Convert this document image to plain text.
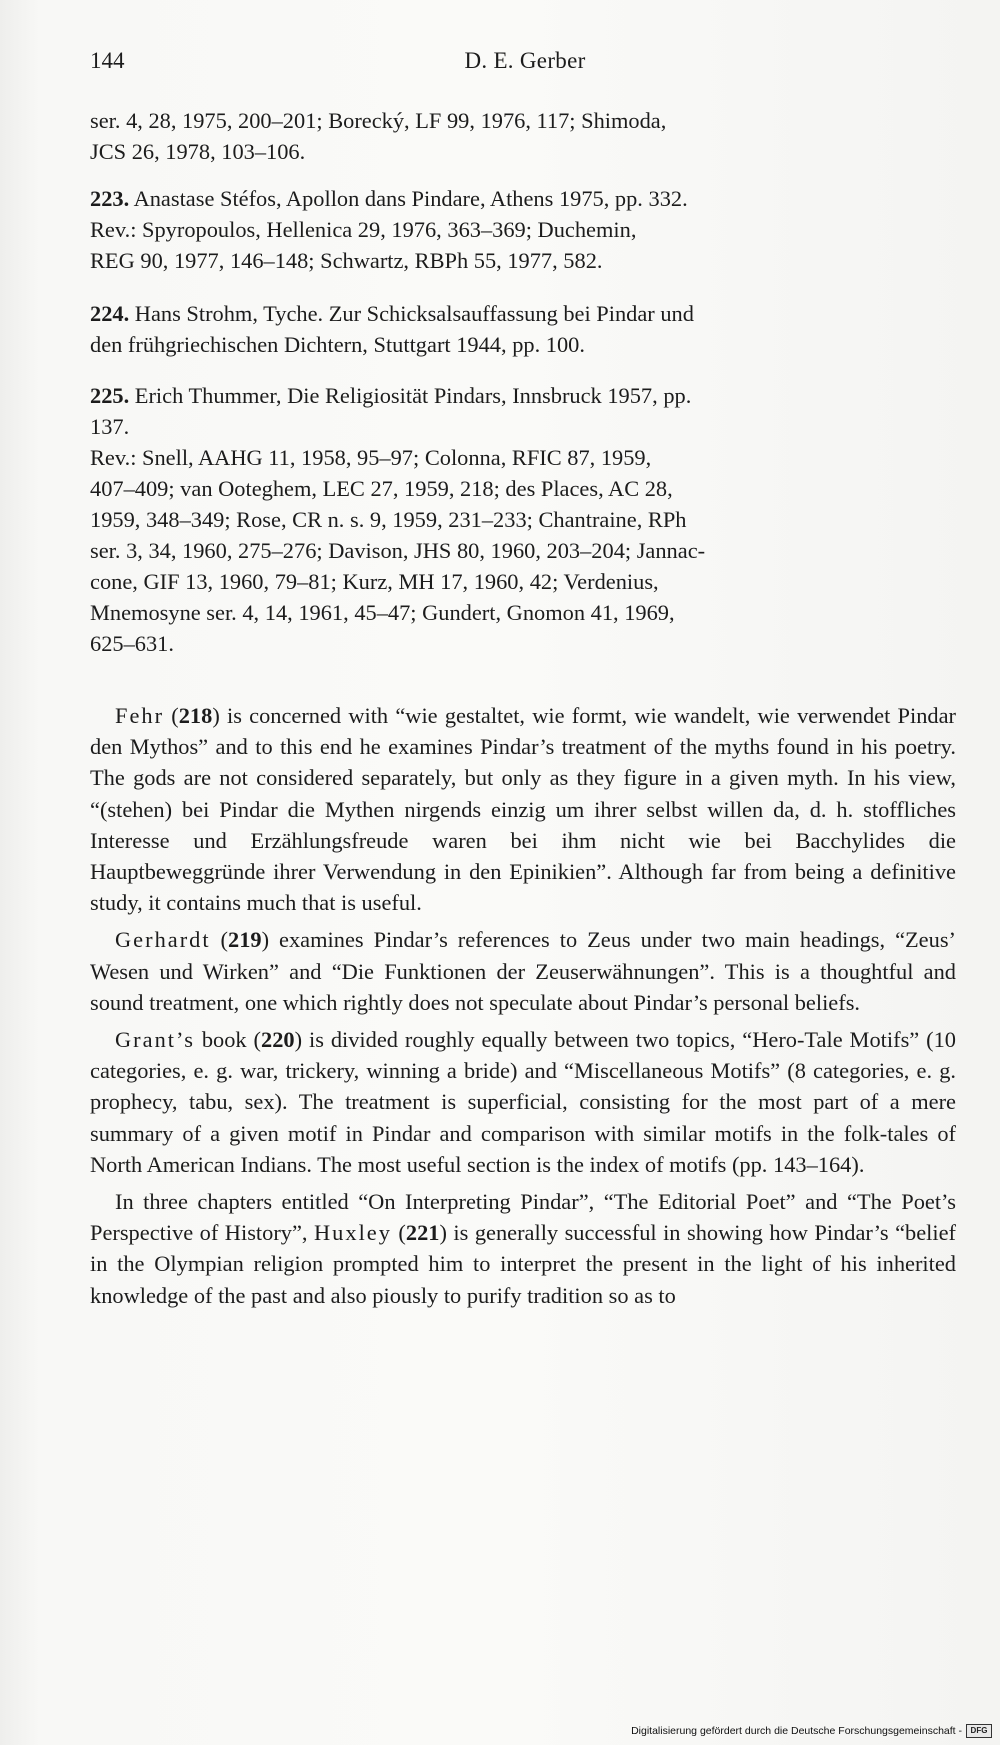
144	D. E. Gerber

ser. 4, 28, 1975, 200–201; Borecký, LF 99, 1976, 117; Shimoda,
JCS 26, 1978, 103–106.

223. Anastase Stéfos, Apollon dans Pindare, Athens 1975, pp. 332.
Rev.: Spyropoulos, Hellenica 29, 1976, 363–369; Duchemin,
REG 90, 1977, 146–148; Schwartz, RBPh 55, 1977, 582.

224. Hans Strohm, Tyche. Zur Schicksalsauffassung bei Pindar und
den frühgriechischen Dichtern, Stuttgart 1944, pp. 100.

225. Erich Thummer, Die Religiosität Pindars, Innsbruck 1957, pp.
137.
Rev.: Snell, AAHG 11, 1958, 95–97; Colonna, RFIC 87, 1959,
407–409; van Ooteghem, LEC 27, 1959, 218; des Places, AC 28,
1959, 348–349; Rose, CR n. s. 9, 1959, 231–233; Chantraine, RPh
ser. 3, 34, 1960, 275–276; Davison, JHS 80, 1960, 203–204; Jannac-
cone, GIF 13, 1960, 79–81; Kurz, MH 17, 1960, 42; Verdenius,
Mnemosyne ser. 4, 14, 1961, 45–47; Gundert, Gnomon 41, 1969,
625–631.

Fehr (218) is concerned with “wie gestaltet, wie formt, wie wandelt, wie verwendet Pindar den Mythos” and to this end he examines Pindar’s treatment of the myths found in his poetry. The gods are not considered separately, but only as they figure in a given myth. In his view, “(stehen) bei Pindar die Mythen nirgends einzig um ihrer selbst willen da, d. h. stoffliches Interesse und Erzählungsfreude waren bei ihm nicht wie bei Bacchylides die Hauptbeweggründe ihrer Verwendung in den Epinikien”. Although far from being a definitive study, it contains much that is useful.

Gerhardt (219) examines Pindar’s references to Zeus under two main headings, “Zeus’ Wesen und Wirken” and “Die Funktionen der Zeuserwähnungen”. This is a thoughtful and sound treatment, one which rightly does not speculate about Pindar’s personal beliefs.

Grant’s book (220) is divided roughly equally between two topics, “Hero-Tale Motifs” (10 categories, e. g. war, trickery, winning a bride) and “Miscellaneous Motifs” (8 categories, e. g. prophecy, tabu, sex). The treatment is superficial, consisting for the most part of a mere summary of a given motif in Pindar and comparison with similar motifs in the folk-tales of North American Indians. The most useful section is the index of motifs (pp. 143–164).

In three chapters entitled “On Interpreting Pindar”, “The Editorial Poet” and “The Poet’s Perspective of History”, Huxley (221) is generally successful in showing how Pindar’s “belief in the Olympian religion prompted him to interpret the present in the light of his inherited knowledge of the past and also piously to purify tradition so as to

Digitalisierung gefördert durch die Deutsche Forschungsgemeinschaft -	DFG
